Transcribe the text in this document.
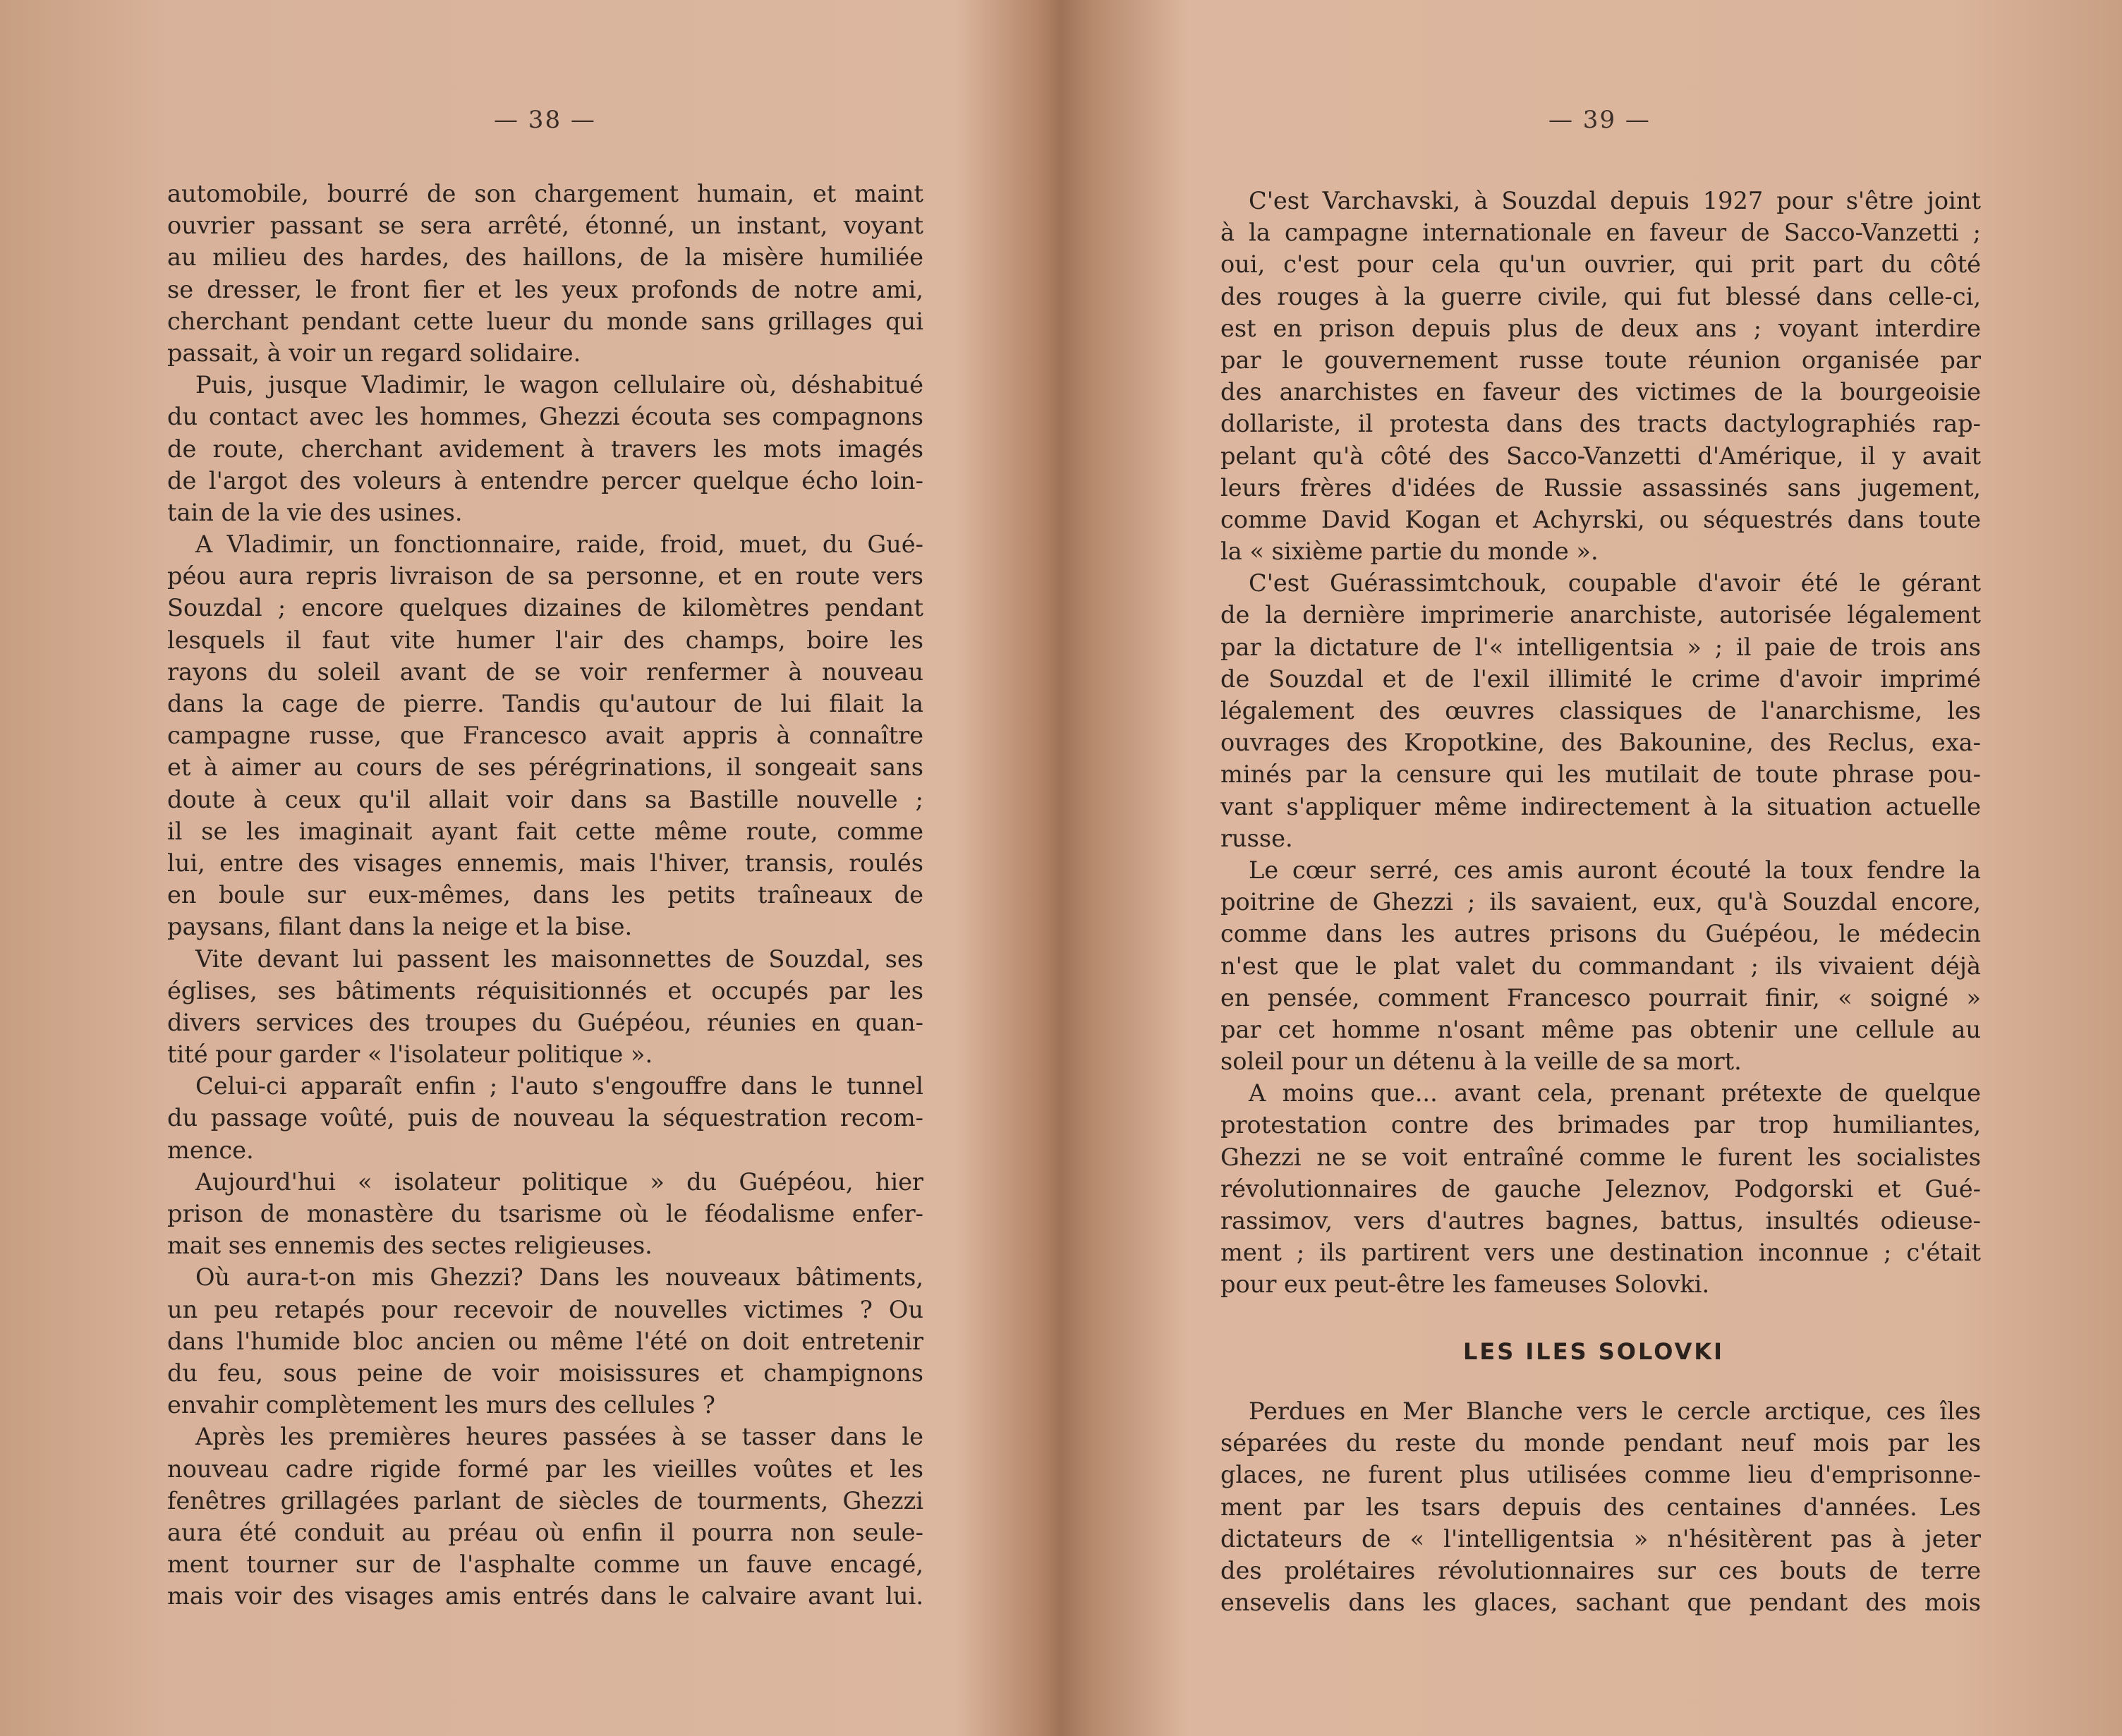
— 38 —
automobile, bourré de son chargement humain, et maint
ouvrier passant se sera arrêté, étonné, un instant, voyant
au milieu des hardes, des haillons, de la misère humiliée
se dresser, le front fier et les yeux profonds de notre ami,
cherchant pendant cette lueur du monde sans grillages qui
passait, à voir un regard solidaire.
Puis, jusque Vladimir, le wagon cellulaire où, déshabitué
du contact avec les hommes, Ghezzi écouta ses compagnons
de route, cherchant avidement à travers les mots imagés
de l'argot des voleurs à entendre percer quelque écho loin-
tain de la vie des usines.
A Vladimir, un fonctionnaire, raide, froid, muet, du Gué-
péou aura repris livraison de sa personne, et en route vers
Souzdal ; encore quelques dizaines de kilomètres pendant
lesquels il faut vite humer l'air des champs, boire les
rayons du soleil avant de se voir renfermer à nouveau
dans la cage de pierre. Tandis qu'autour de lui filait la
campagne russe, que Francesco avait appris à connaître
et à aimer au cours de ses pérégrinations, il songeait sans
doute à ceux qu'il allait voir dans sa Bastille nouvelle ;
il se les imaginait ayant fait cette même route, comme
lui, entre des visages ennemis, mais l'hiver, transis, roulés
en boule sur eux-mêmes, dans les petits traîneaux de
paysans, filant dans la neige et la bise.
Vite devant lui passent les maisonnettes de Souzdal, ses
églises, ses bâtiments réquisitionnés et occupés par les
divers services des troupes du Guépéou, réunies en quan-
tité pour garder « l'isolateur politique ».
Celui-ci apparaît enfin ; l'auto s'engouffre dans le tunnel
du passage voûté, puis de nouveau la séquestration recom-
mence.
Aujourd'hui « isolateur politique » du Guépéou, hier
prison de monastère du tsarisme où le féodalisme enfer-
mait ses ennemis des sectes religieuses.
Où aura-t-on mis Ghezzi? Dans les nouveaux bâtiments,
un peu retapés pour recevoir de nouvelles victimes ? Ou
dans l'humide bloc ancien ou même l'été on doit entretenir
du feu, sous peine de voir moisissures et champignons
envahir complètement les murs des cellules ?
Après les premières heures passées à se tasser dans le
nouveau cadre rigide formé par les vieilles voûtes et les
fenêtres grillagées parlant de siècles de tourments, Ghezzi
aura été conduit au préau où enfin il pourra non seule-
ment tourner sur de l'asphalte comme un fauve encagé,
mais voir des visages amis entrés dans le calvaire avant lui.
— 39 —
C'est Varchavski, à Souzdal depuis 1927 pour s'être joint
à la campagne internationale en faveur de Sacco-Vanzetti ;
oui, c'est pour cela qu'un ouvrier, qui prit part du côté
des rouges à la guerre civile, qui fut blessé dans celle-ci,
est en prison depuis plus de deux ans ; voyant interdire
par le gouvernement russe toute réunion organisée par
des anarchistes en faveur des victimes de la bourgeoisie
dollariste, il protesta dans des tracts dactylographiés rap-
pelant qu'à côté des Sacco-Vanzetti d'Amérique, il y avait
leurs frères d'idées de Russie assassinés sans jugement,
comme David Kogan et Achyrski, ou séquestrés dans toute
la « sixième partie du monde ».
C'est Guérassimtchouk, coupable d'avoir été le gérant
de la dernière imprimerie anarchiste, autorisée légalement
par la dictature de l'« intelligentsia » ; il paie de trois ans
de Souzdal et de l'exil illimité le crime d'avoir imprimé
légalement des œuvres classiques de l'anarchisme, les
ouvrages des Kropotkine, des Bakounine, des Reclus, exa-
minés par la censure qui les mutilait de toute phrase pou-
vant s'appliquer même indirectement à la situation actuelle
russe.
Le cœur serré, ces amis auront écouté la toux fendre la
poitrine de Ghezzi ; ils savaient, eux, qu'à Souzdal encore,
comme dans les autres prisons du Guépéou, le médecin
n'est que le plat valet du commandant ; ils vivaient déjà
en pensée, comment Francesco pourrait finir, « soigné »
par cet homme n'osant même pas obtenir une cellule au
soleil pour un détenu à la veille de sa mort.
A moins que... avant cela, prenant prétexte de quelque
protestation contre des brimades par trop humiliantes,
Ghezzi ne se voit entraîné comme le furent les socialistes
révolutionnaires de gauche Jeleznov, Podgorski et Gué-
rassimov, vers d'autres bagnes, battus, insultés odieuse-
ment ; ils partirent vers une destination inconnue ; c'était
pour eux peut-être les fameuses Solovki.
LES ILES SOLOVKI
Perdues en Mer Blanche vers le cercle arctique, ces îles
séparées du reste du monde pendant neuf mois par les
glaces, ne furent plus utilisées comme lieu d'emprisonne-
ment par les tsars depuis des centaines d'années. Les
dictateurs de « l'intelligentsia » n'hésitèrent pas à jeter
des prolétaires révolutionnaires sur ces bouts de terre
ensevelis dans les glaces, sachant que pendant des mois
